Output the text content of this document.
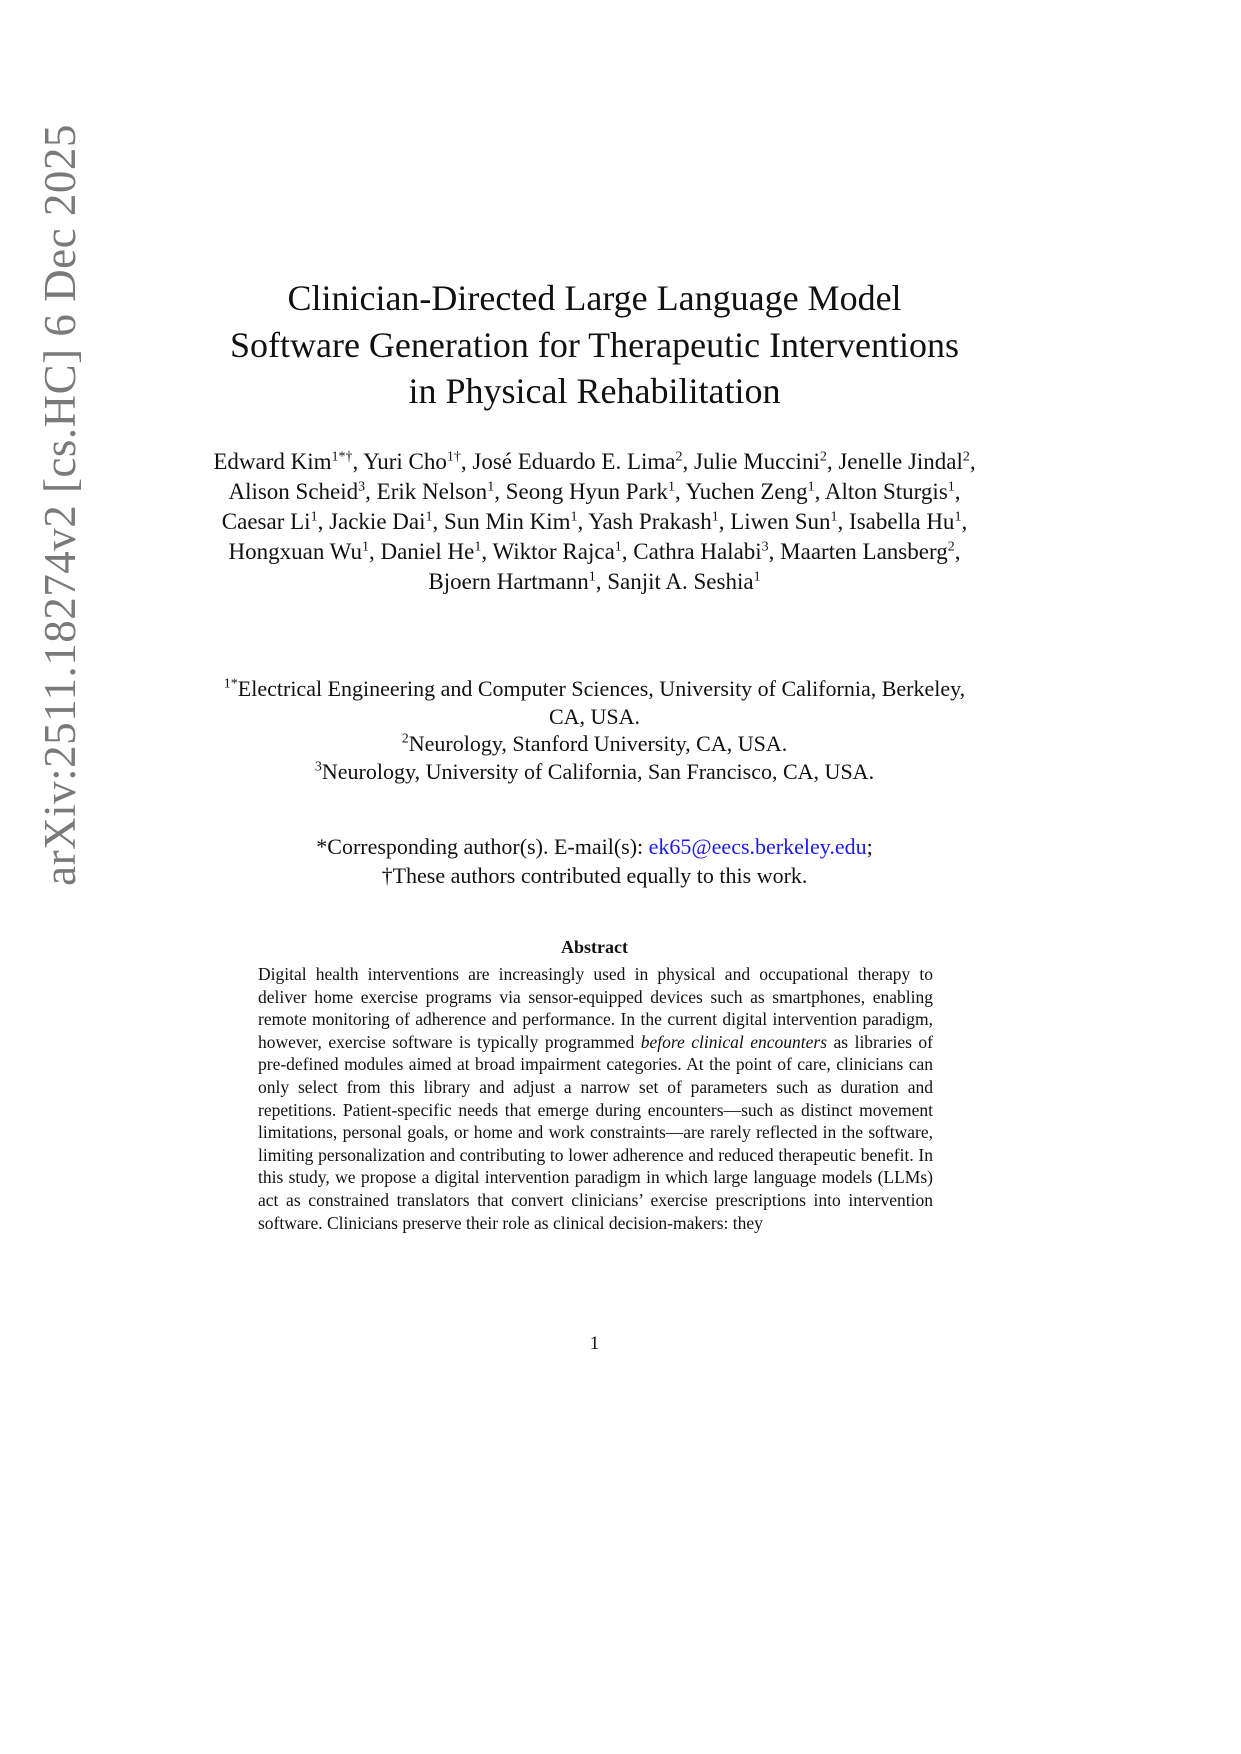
arXiv:2511.18274v2 [cs.HC] 6 Dec 2025	Clinician-Directed Large Language Model
Software Generation for Therapeutic Interventions
in Physical Rehabilitation
Edward Kim$^{1*\dagger}$, Yuri Cho$^{1\dagger}$, José Eduardo E. Lima$^2$, Julie Muccini$^2$, Jenelle Jindal$^2$, Alison Scheid$^3$, Erik Nelson$^1$, Seong Hyun Park$^1$, Yuchen Zeng$^1$, Alton Sturgis$^1$, Caesar Li$^1$, Jackie Dai$^1$, Sun Min Kim$^1$, Yash Prakash$^1$, Liwen Sun$^1$, Isabella Hu$^1$, Hongxuan Wu$^1$, Daniel He$^1$, Wiktor Rajca$^1$, Cathra Halabi$^3$, Maarten Lansberg$^2$, Bjoern Hartmann$^1$, Sanjit A. Seshia$^1$
$^{1*}$Electrical Engineering and Computer Sciences, University of California, Berkeley, CA, USA.
$^2$Neurology, Stanford University, CA, USA.
$^3$Neurology, University of California, San Francisco, CA, USA.
*Corresponding author(s). E-mail(s): ek65@eecs.berkeley.edu;
†These authors contributed equally to this work.
Abstract
Digital health interventions are increasingly used in physical and occupational therapy to deliver home exercise programs via sensor-equipped devices such as smartphones, enabling remote monitoring of adherence and performance. In the current digital intervention paradigm, however, exercise software is typically programmed before clinical encounters as libraries of pre-defined modules aimed at broad impairment categories. At the point of care, clinicians can only select from this library and adjust a narrow set of parameters such as duration and repetitions. Patient-specific needs that emerge during encounters—such as distinct movement limitations, personal goals, or home and work constraints—are rarely reflected in the software, limiting personalization and contributing to lower adherence and reduced therapeutic benefit. In this study, we propose a digital intervention paradigm in which large language models (LLMs) act as constrained translators that convert clinicians’ exercise prescriptions into intervention software. Clinicians preserve their role as clinical decision-makers: they
1
